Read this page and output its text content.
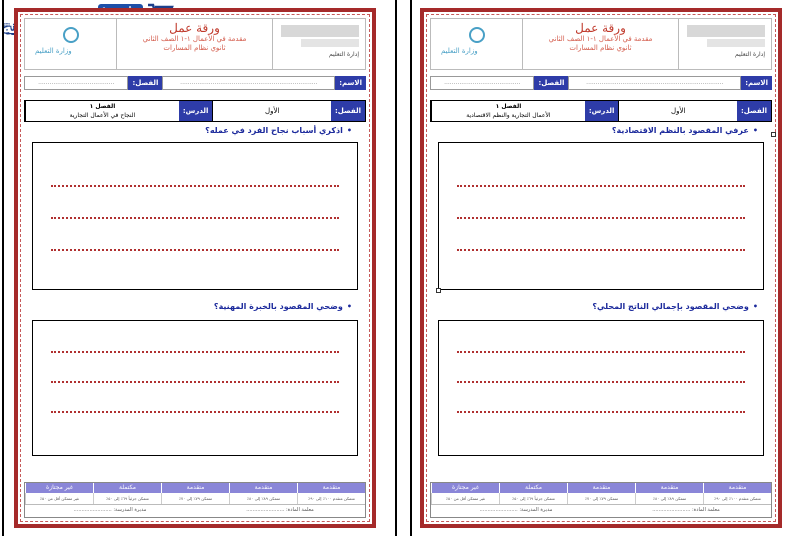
وزارة التعليم
ورقة عمل
مقدمة في الأعمال ١-١ الصف الثاني
ثانوي نظام المسارات
إدارة التعليم
الاسم:
........................................................................
الفصل:
........................................
الفصل:
الأول
الدرس:
الفصل ١
النجاح في الأعمال التجارية
•اذكري أسباب نجاح الفرد في عمله؟
•وضحي المقصود بالخبرة المهنية؟
متقدمة
متقدمة
متقدمة
مكتملة
غير مجتازة
متمكن متقدم ١٠٠٪ إلى ٩٠٪
متمكن ٨٩٪ إلى ٨٠٪
متمكن ٧٩٪ إلى ٧٠٪
متمكن جزئياً ٦٩٪ إلى ٥٠٪
غير متمكن أقل من ٥٠٪
معلمة المادة: ........................
مديرة المدرسة: ........................
وزارة التعليم
ورقة عمل
مقدمة في الأعمال ١-١ الصف الثاني
ثانوي نظام المسارات
إدارة التعليم
الاسم:
........................................................................
الفصل:
........................................
الفصل:
الأول
الدرس:
الفصل ١
الأعمال التجارية والنظم الاقتصادية
•عرفي المقصود بالنظم الاقتصادية؟
•وضحي المقصود بإجمالي الناتج المحلي؟
متقدمة
متقدمة
متقدمة
مكتملة
غير مجتازة
متمكن متقدم ١٠٠٪ إلى ٩٠٪
متمكن ٨٩٪ إلى ٨٠٪
متمكن ٧٩٪ إلى ٧٠٪
متمكن جزئياً ٦٩٪ إلى ٥٠٪
غير متمكن أقل من ٥٠٪
معلمة المادة: ........................
مديرة المدرسة: ........................
